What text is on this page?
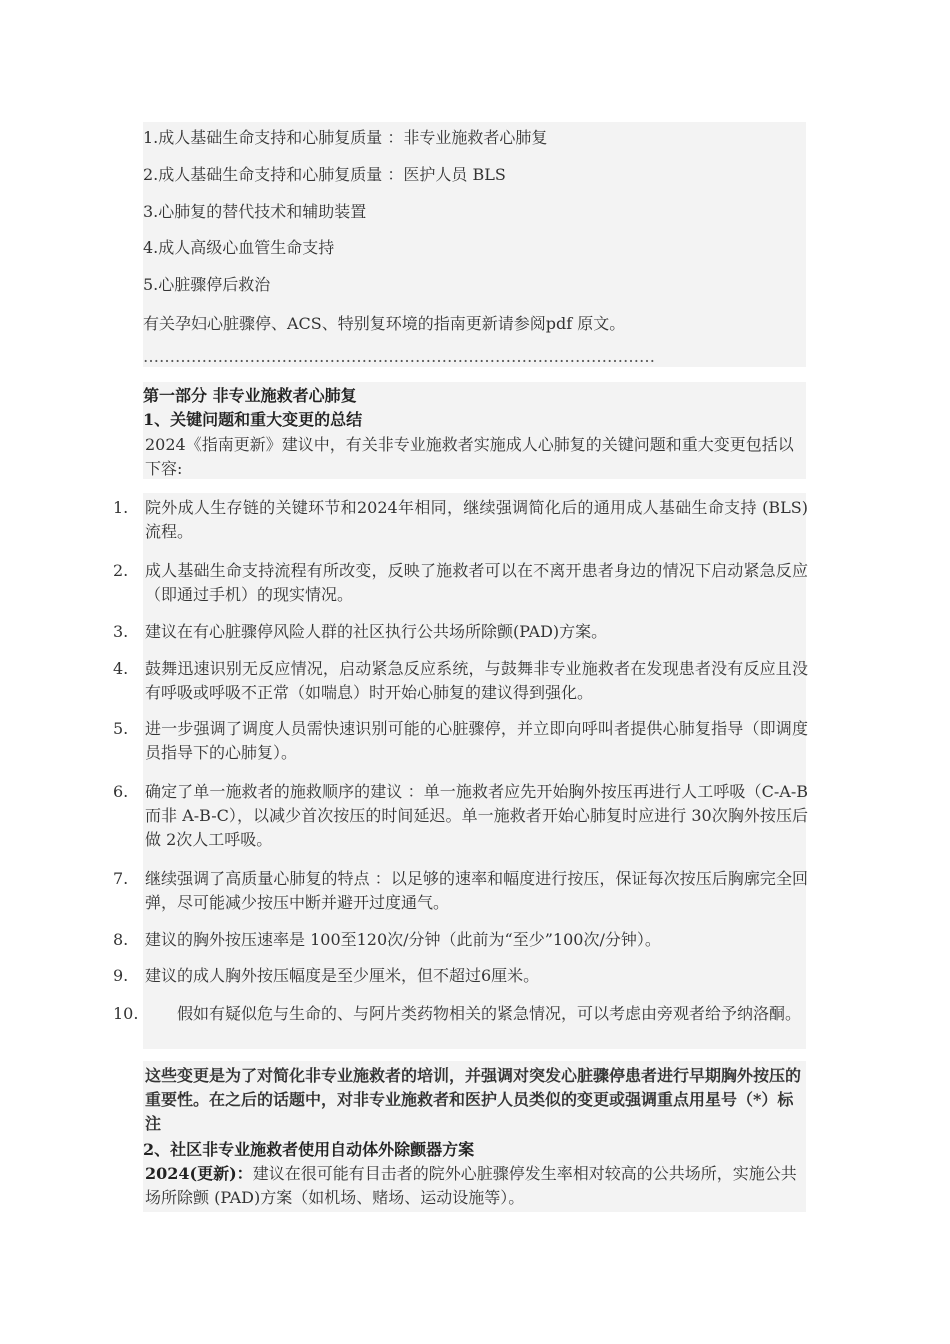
1.成人基础生命支持和心肺复质量 ：非专业施救者心肺复
2.成人基础生命支持和心肺复质量 ：医护人员 BLS
3.心肺复的替代技术和辅助装置
4.成人高级心血管生命支持
5.心脏骤停后救治
有关孕妇心脏骤停、ACS、特别复环境的指南更新请参阅pdf 原文。
……………………………………………………………………………………
第一部分 非专业施救者心肺复
1、关键问题和重大变更的总结
2024《指南更新》建议中，有关非专业施救者实施成人心肺复的关键问题和重大变更包括以下容:
1. 院外成人生存链的关键环节和2024年相同，继续强调简化后的通用成人基础生命支持 (BLS)流程。
2. 成人基础生命支持流程有所改变，反映了施救者可以在不离开患者身边的情况下启动紧急反应（即通过手机）的现实情况。
3. 建议在有心脏骤停风险人群的社区执行公共场所除颤(PAD)方案。
4. 鼓舞迅速识别无反应情况，启动紧急反应系统，与鼓舞非专业施救者在发现患者没有反应且没有呼吸或呼吸不正常（如喘息）时开始心肺复的建议得到强化。
5. 进一步强调了调度人员需快速识别可能的心脏骤停，并立即向呼叫者提供心肺复指导（即调度员指导下的心肺复）。
6. 确定了单一施救者的施救顺序的建议 ：单一施救者应先开始胸外按压再进行人工呼吸（C-A-B而非 A-B-C），以减少首次按压的时间延迟。单一施救者开始心肺复时应进行 30次胸外按压后做 2次人工呼吸。
7. 继续强调了高质量心肺复的特点 ：以足够的速率和幅度进行按压，保证每次按压后胸廓完全回弹，尽可能减少按压中断并避开过度通气。
8. 建议的胸外按压速率是 100至120次/分钟（此前为“至少”100次/分钟）。
9. 建议的成人胸外按压幅度是至少厘米，但不超过6厘米。
10. 　　假如有疑似危与生命的、与阿片类药物相关的紧急情况，可以考虑由旁观者给予纳洛酮。
这些变更是为了对简化非专业施救者的培训，并强调对突发心脏骤停患者进行早期胸外按压的重要性。在之后的话题中，对非专业施救者和医护人员类似的变更或强调重点用星号（*）标注
2、社区非专业施救者使用自动体外除颤器方案
2024(更新)：建议在很可能有目击者的院外心脏骤停发生率相对较高的公共场所，实施公共场所除颤 (PAD)方案（如机场、赌场、运动设施等）。
